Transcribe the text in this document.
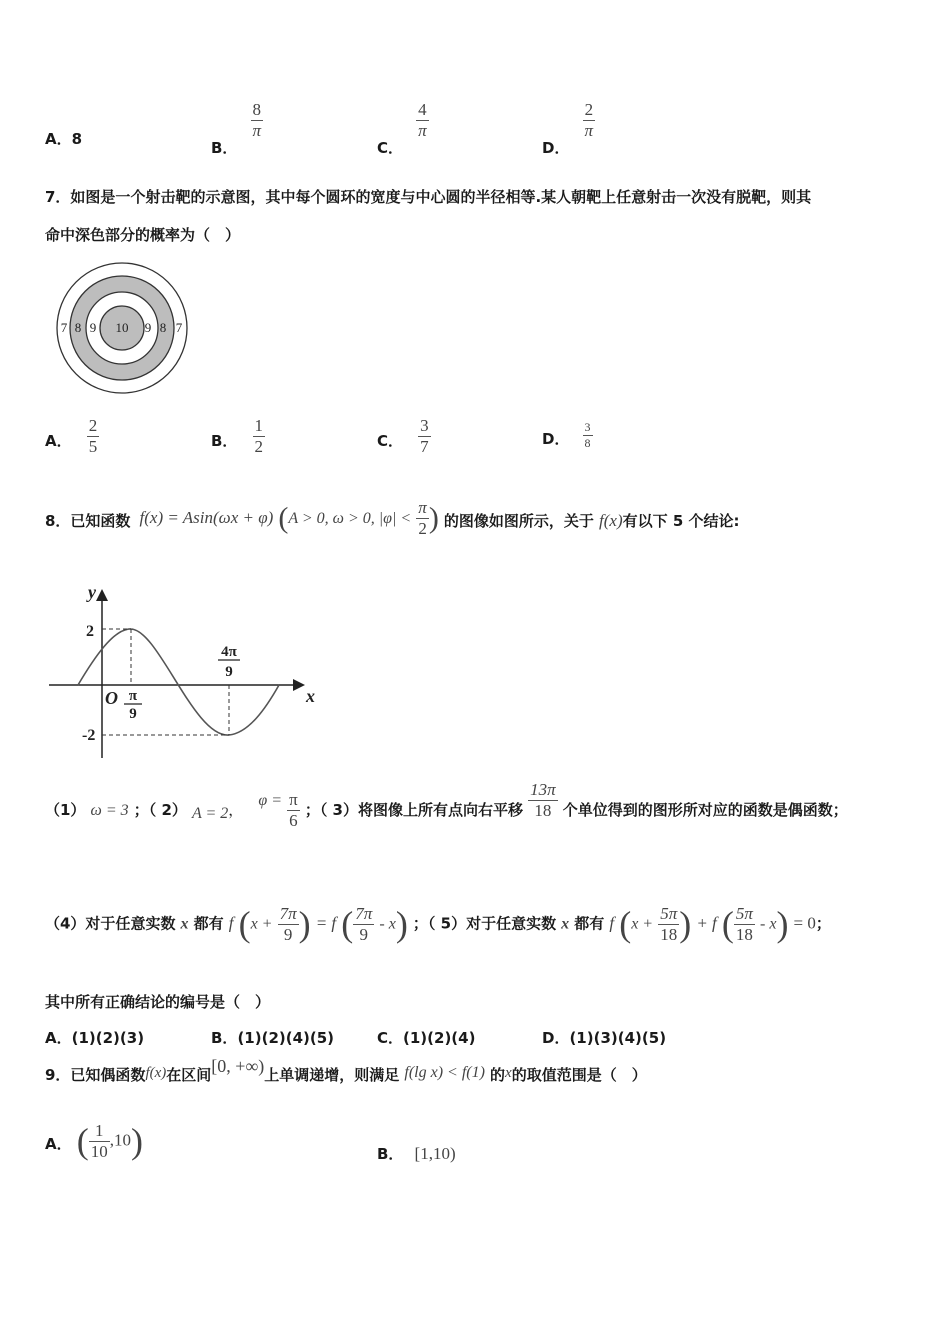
A．8	B．
$\frac{8}{\pi}$
C．
$\frac{4}{\pi}$
D．
$\frac{2}{\pi}$
7．如图是一个射击靶的示意图，其中每个圆环的宽度与中心圆的半径相等.某人朝靶上任意射击一次没有脱靶，则其
命中深色部分的概率为（　）
7 8 9 10 9 8 7
A． $\frac{2}{5}$	B． $\frac{1}{2}$	C． $\frac{3}{7}$	D． $\frac{3}{8}$
8．已知函数 f(x) = Asin(ωx + φ) (A > 0, ω > 0, $|\varphi| < \frac{\pi}{2}$ ) 的图像如图所示，关于 f(x)有以下 5 个结论:
y
x
2
-2
O π
9
4π
9
（1） ω = 3 ；（ 2） A = 2， $\varphi = \frac{\pi}{6}$ ；（ 3）将图像上所有点向右平移 $\frac{13\pi}{18}$ 个单位得到的图形所对应的函数是偶函数；
（4）对于任意实数 x 都有 f ($x + \frac{7\pi}{9}$ ) = f ( $\frac{7\pi}{9} - x$) ；（ 5）对于任意实数 x 都有 f ($x + \frac{5\pi}{18}$ ) + f ( $\frac{5\pi}{18} - x) = 0$；
其中所有正确结论的编号是（　）
A．(1)(2)(3)	B．(1)(2)(4)(5)	C．(1)(2)(4)	D．(1)(3)(4)(5)
9．已知偶函数f(x)在区间[0, +∞)上单调递增，则满足 f(lg x) < f(1) 的x的取值范围是（　）
A． ( $\frac{1}{10} ,10$)	B． [1,10)
